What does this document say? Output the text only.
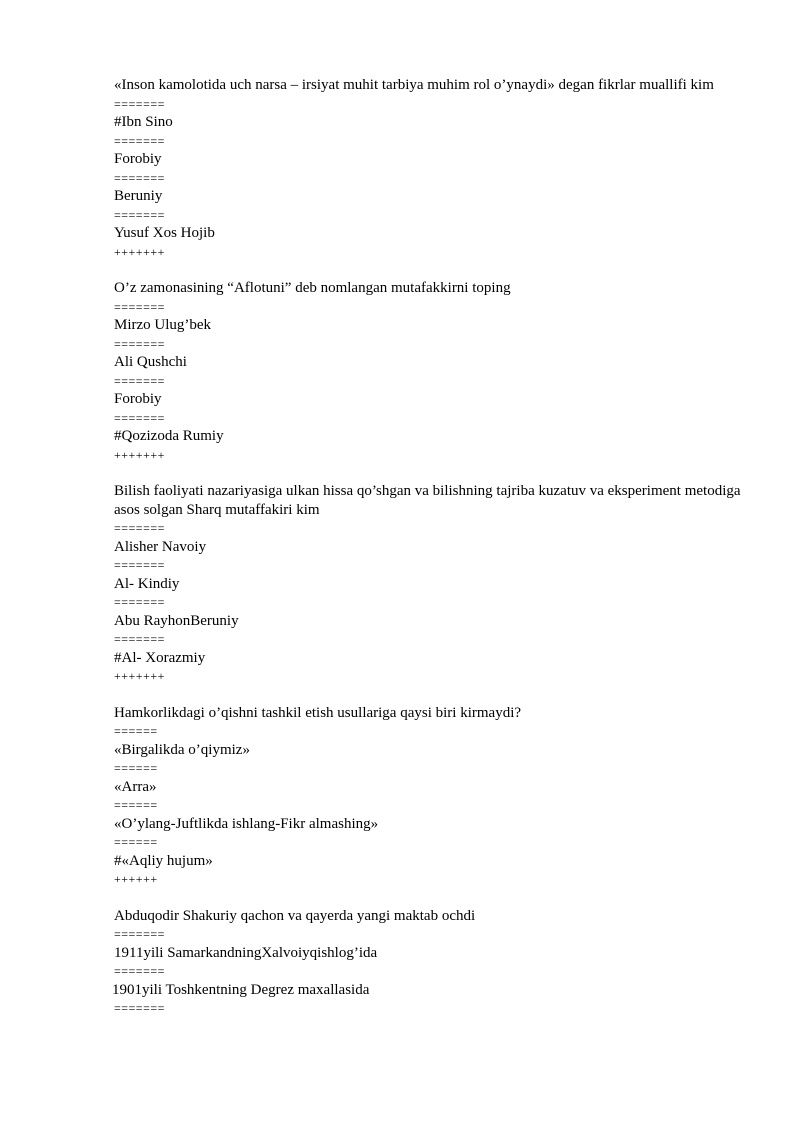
«Inson kamolotida uch narsa – irsiyat muhit tarbiya muhim rol o’ynaydi» degan fikrlar muallifi kim

=======
#Ibn Sino
=======
Forobiy
=======
Beruniy
=======
Yusuf Xos Hojib
+++++++

O’z zamonasining “Aflotuni” deb nomlangan mutafakkirni toping

=======
Mirzo Ulug’bek
=======
Ali Qushchi
=======
Forobiy
=======
#Qozizoda Rumiy
+++++++

Bilish faoliyati nazariyasiga ulkan hissa qo’shgan va bilishning tajriba kuzatuv va eksperiment metodiga asos solgan Sharq mutaffakiri kim

=======
Alisher Navoiy
=======
Al- Kindiy
=======
Abu RayhonBeruniy
=======
#Al- Xorazmiy
+++++++

Hamkorlikdagi o’qishni tashkil etish usullariga qaysi biri kirmaydi?

======
«Birgalikda o’qiymiz»
======
«Arra»
======
«O’ylang-Juftlikda ishlang-Fikr almashing»
======
#«Aqliy hujum»
++++++

Abduqodir Shakuriy qachon va qayerda yangi maktab ochdi

=======
1911yili SamarkandningXalvoiyqishlog’ida
=======
1901yili Toshkentning Degrez maxallasida
=======
